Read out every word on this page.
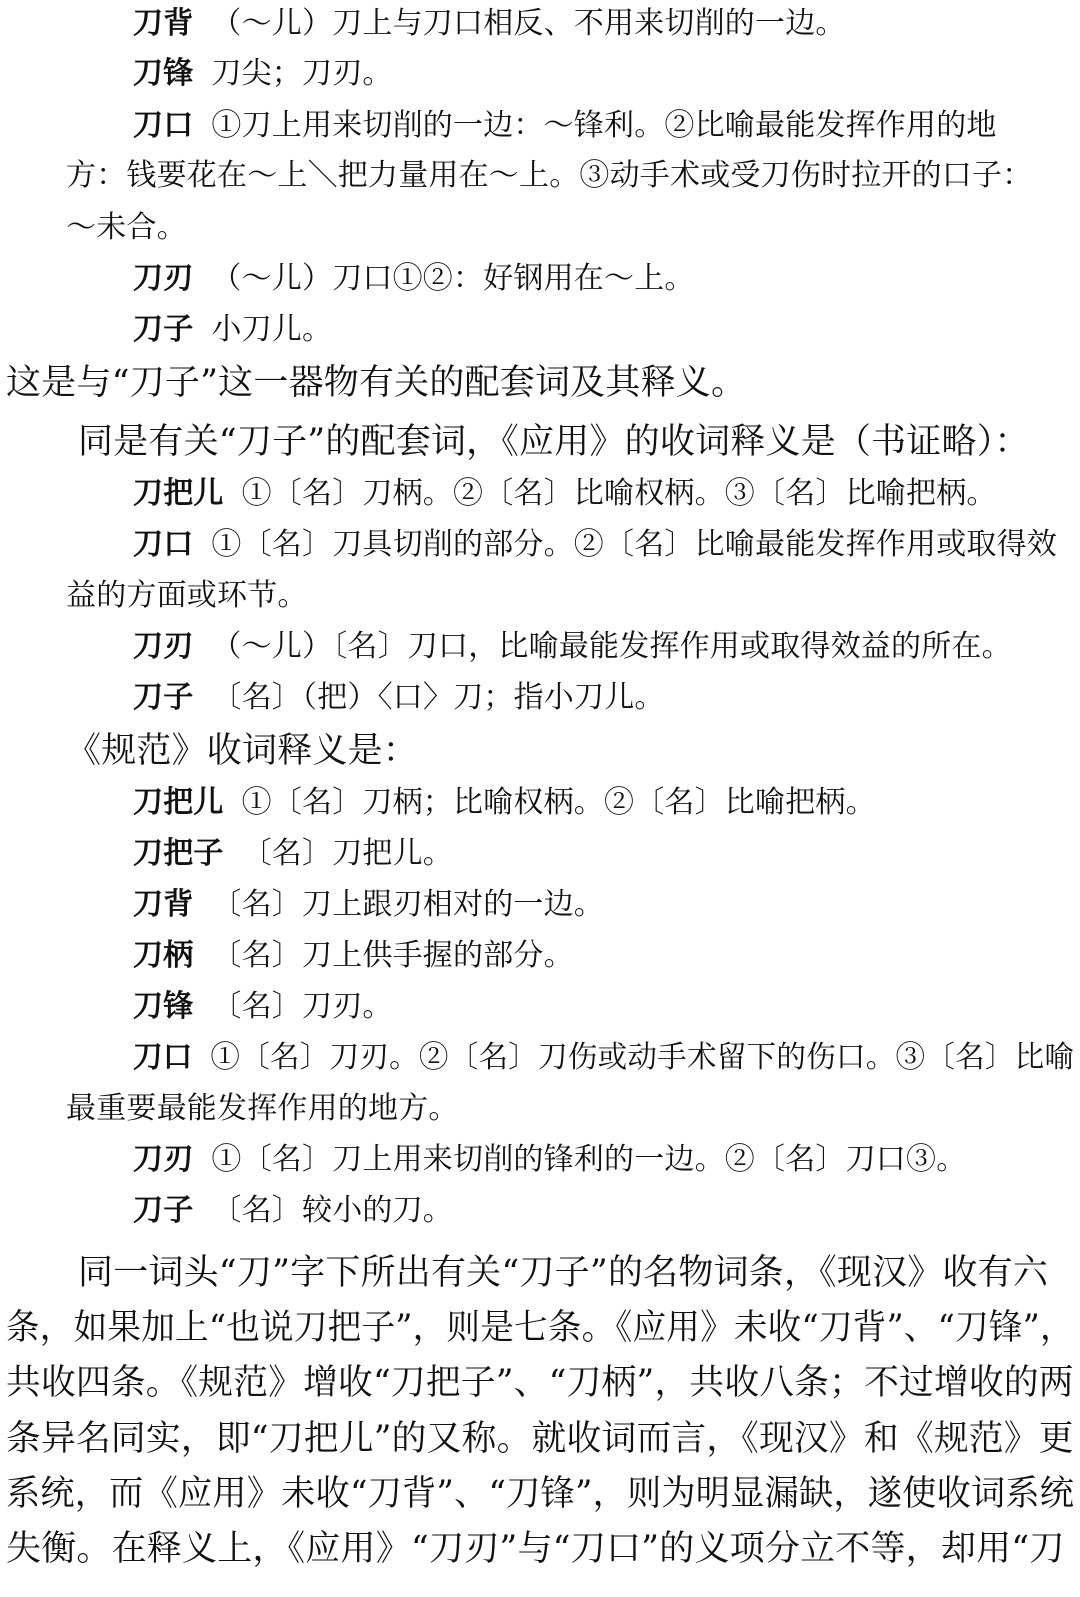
刀背 （～儿）刀上与刀口相反、不用来切削的一边。
刀锋 刀尖；刀刃。
刀口 ①刀上用来切削的一边：～锋利。②比喻最能发挥作用的地
方：钱要花在～上＼把力量用在～上。③动手术或受刀伤时拉开的口子：
～未合。
刀刃 （～儿）刀口①②：好钢用在～上。
刀子 小刀儿。
这是与“刀子”这一器物有关的配套词及其释义。
同是有关“刀子”的配套词，《应用》的收词释义是（书证略）：
刀把儿 ①〔名〕刀柄。②〔名〕比喻权柄。③〔名〕比喻把柄。
刀口 ①〔名〕刀具切削的部分。②〔名〕比喻最能发挥作用或取得效
益的方面或环节。
刀刃 （～儿）〔名〕刀口，比喻最能发挥作用或取得效益的所在。
刀子 〔名〕（把）〈口〉刀；指小刀儿。
《规范》收词释义是：
刀把儿 ①〔名〕刀柄；比喻权柄。②〔名〕比喻把柄。
刀把子 〔名〕刀把儿。
刀背 〔名〕刀上跟刃相对的一边。
刀柄 〔名〕刀上供手握的部分。
刀锋 〔名〕刀刃。
刀口 ①〔名〕刀刃。②〔名〕刀伤或动手术留下的伤口。③〔名〕比喻
最重要最能发挥作用的地方。
刀刃 ①〔名〕刀上用来切削的锋利的一边。②〔名〕刀口③。
刀子 〔名〕较小的刀。
同一词头“刀”字下所出有关“刀子”的名物词条，《现汉》收有六
条，如果加上“也说刀把子”，则是七条。《应用》未收“刀背”、“刀锋”，
共收四条。《规范》增收“刀把子”、“刀柄”，共收八条；不过增收的两
条异名同实，即“刀把儿”的又称。就收词而言，《现汉》和《规范》更
系统，而《应用》未收“刀背”、“刀锋”，则为明显漏缺，遂使收词系统
失衡。在释义上，《应用》“刀刃”与“刀口”的义项分立不等，却用“刀
